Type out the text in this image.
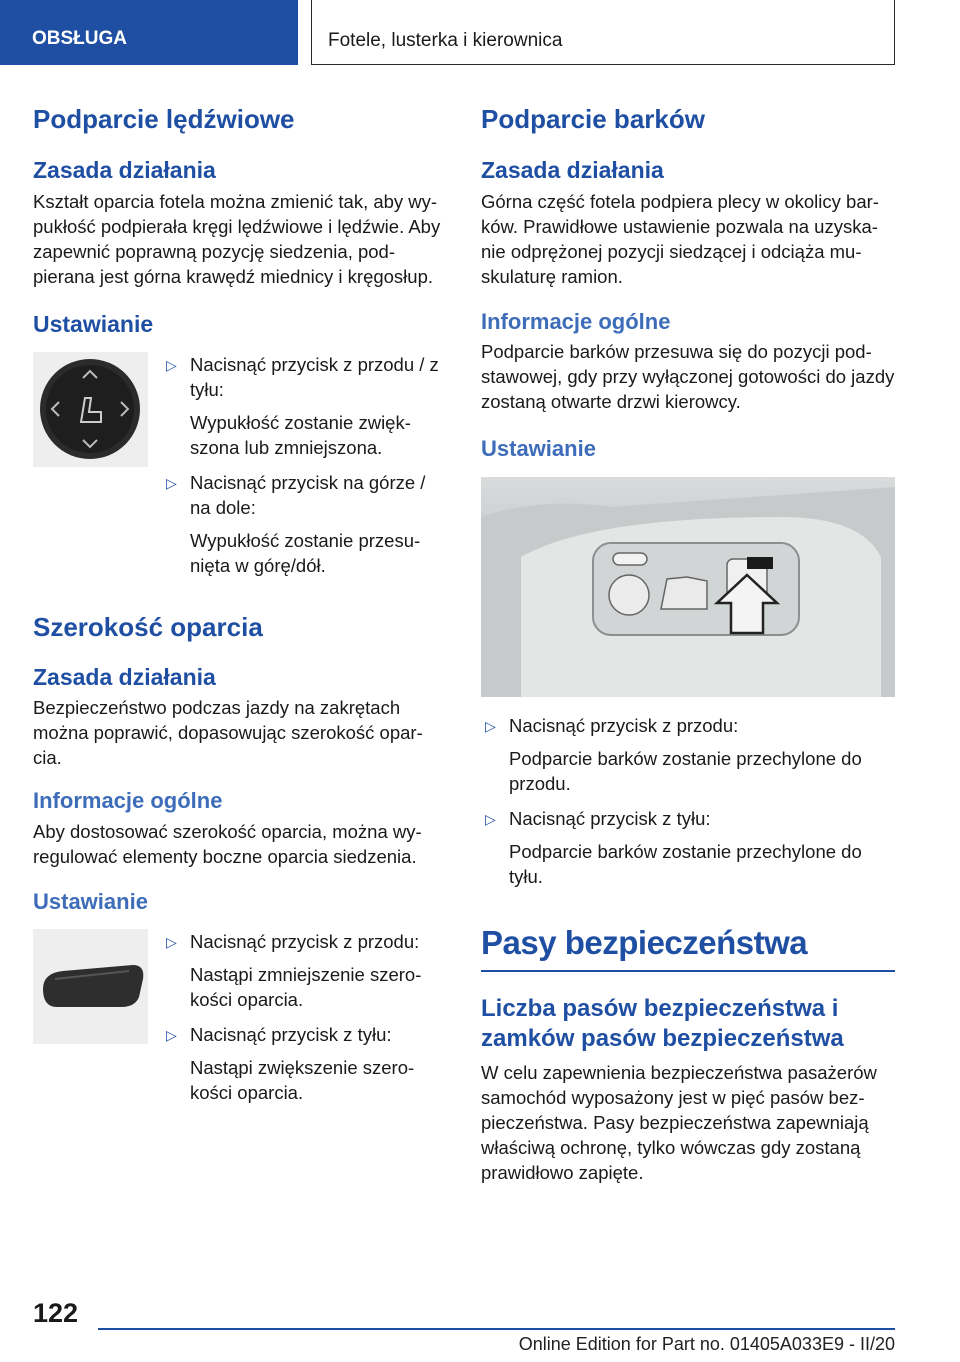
OBSŁUGA	Fotele, lusterka i kierownica
Podparcie lędźwiowe
Zasada działania

Kształt oparcia fotela można zmienić tak, aby wypukłość podpierała kręgi lędźwiowe i lędźwie. Aby zapewnić poprawną pozycję siedzenia, podpierana jest górna krawędź miednicy i kręgosłup.

Ustawianie
▷ Nacisnąć przycisk z przodu / z tyłu:
Wypukłość zostanie zwiększona lub zmniejszona.
▷ Nacisnąć przycisk na górze / na dole:
Wypukłość zostanie przesunięta w górę/dół.
Szerokość oparcia
Zasada działania

Bezpieczeństwo podczas jazdy na zakrętach można poprawić, dopasowując szerokość oparcia.

Informacje ogólne

Aby dostosować szerokość oparcia, można wyregulować elementy boczne oparcia siedzenia.

Ustawianie
▷ Nacisnąć przycisk z przodu:
Nastąpi zmniejszenie szerokości oparcia.
▷ Nacisnąć przycisk z tyłu:
Nastąpi zwiększenie szerokości oparcia.
Podparcie barków
Zasada działania

Górna część fotela podpiera plecy w okolicy barków. Prawidłowe ustawienie pozwala na uzyskanie odprężonej pozycji siedzącej i odciąża muskulaturę ramion.

Informacje ogólne

Podparcie barków przesuwa się do pozycji podstawowej, gdy przy wyłączonej gotowości do jazdy zostaną otwarte drzwi kierowcy.

Ustawianie
▷ Nacisnąć przycisk z przodu:
Podparcie barków zostanie przechylone do przodu.
▷ Nacisnąć przycisk z tyłu:
Podparcie barków zostanie przechylone do tyłu.
Pasy bezpieczeństwa
Liczba pasów bezpieczeństwa i zamków pasów bezpieczeństwa

W celu zapewnienia bezpieczeństwa pasażerów samochód wyposażony jest w pięć pasów bezpieczeństwa. Pasy bezpieczeństwa zapewniają właściwą ochronę, tylko wówczas gdy zostaną prawidłowo zapięte.

122
Online Edition for Part no. 01405A033E9 - II/20
